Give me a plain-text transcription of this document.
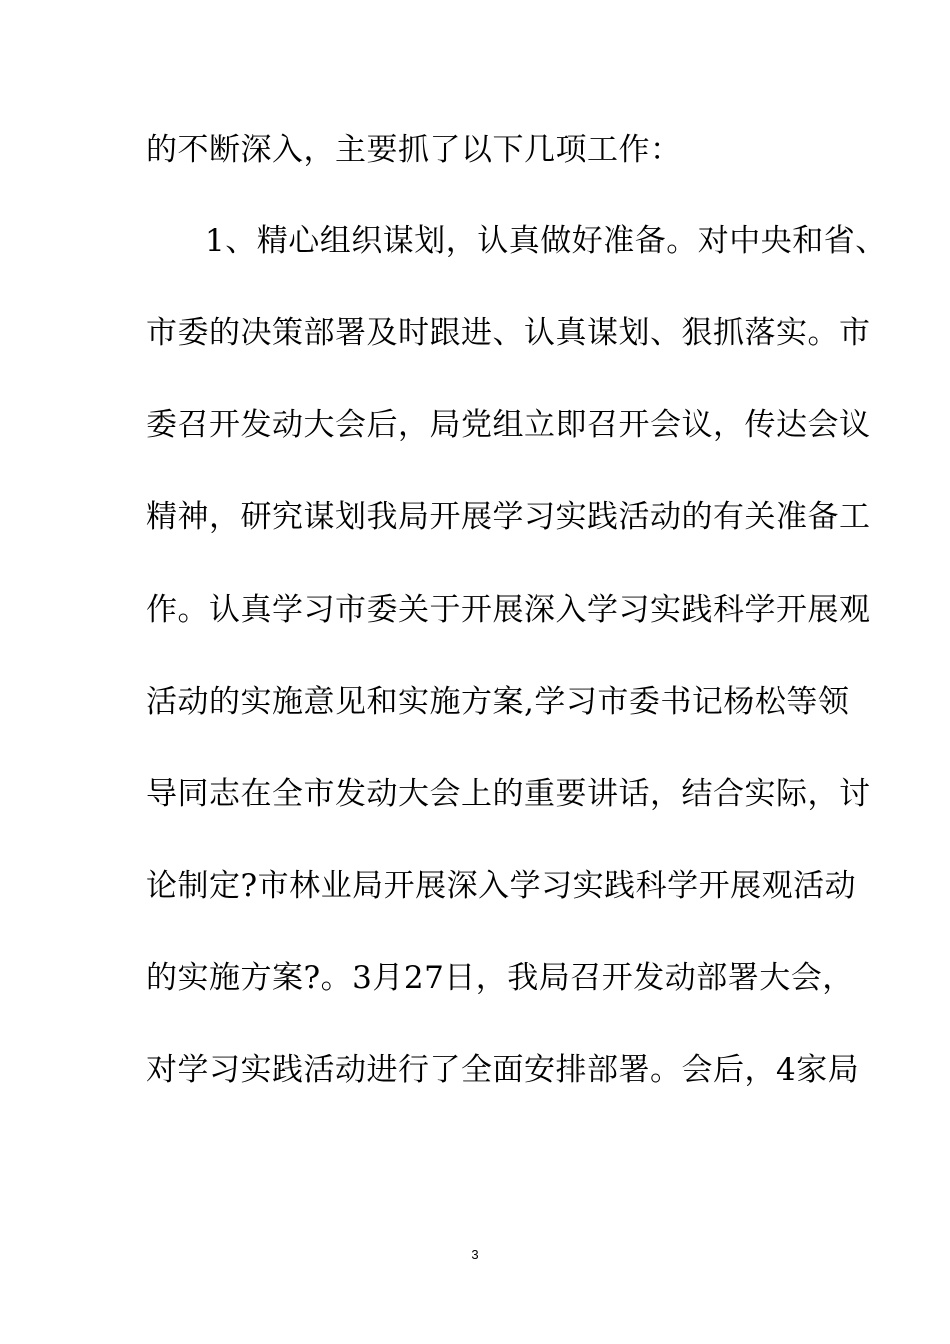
的不断深入，主要抓了以下几项工作：
1、精心组织谋划，认真做好准备。对中央和省、
市委的决策部署及时跟进、认真谋划、狠抓落实。市
委召开发动大会后，局党组立即召开会议，传达会议
精神，研究谋划我局开展学习实践活动的有关准备工
作。认真学习市委关于开展深入学习实践科学开展观
活动的实施意见和实施方案,学习市委书记杨松等领
导同志在全市发动大会上的重要讲话，结合实际，讨
论制定?市林业局开展深入学习实践科学开展观活动
的实施方案?。3月27日，我局召开发动部署大会，
对学习实践活动进行了全面安排部署。会后，4家局
3
